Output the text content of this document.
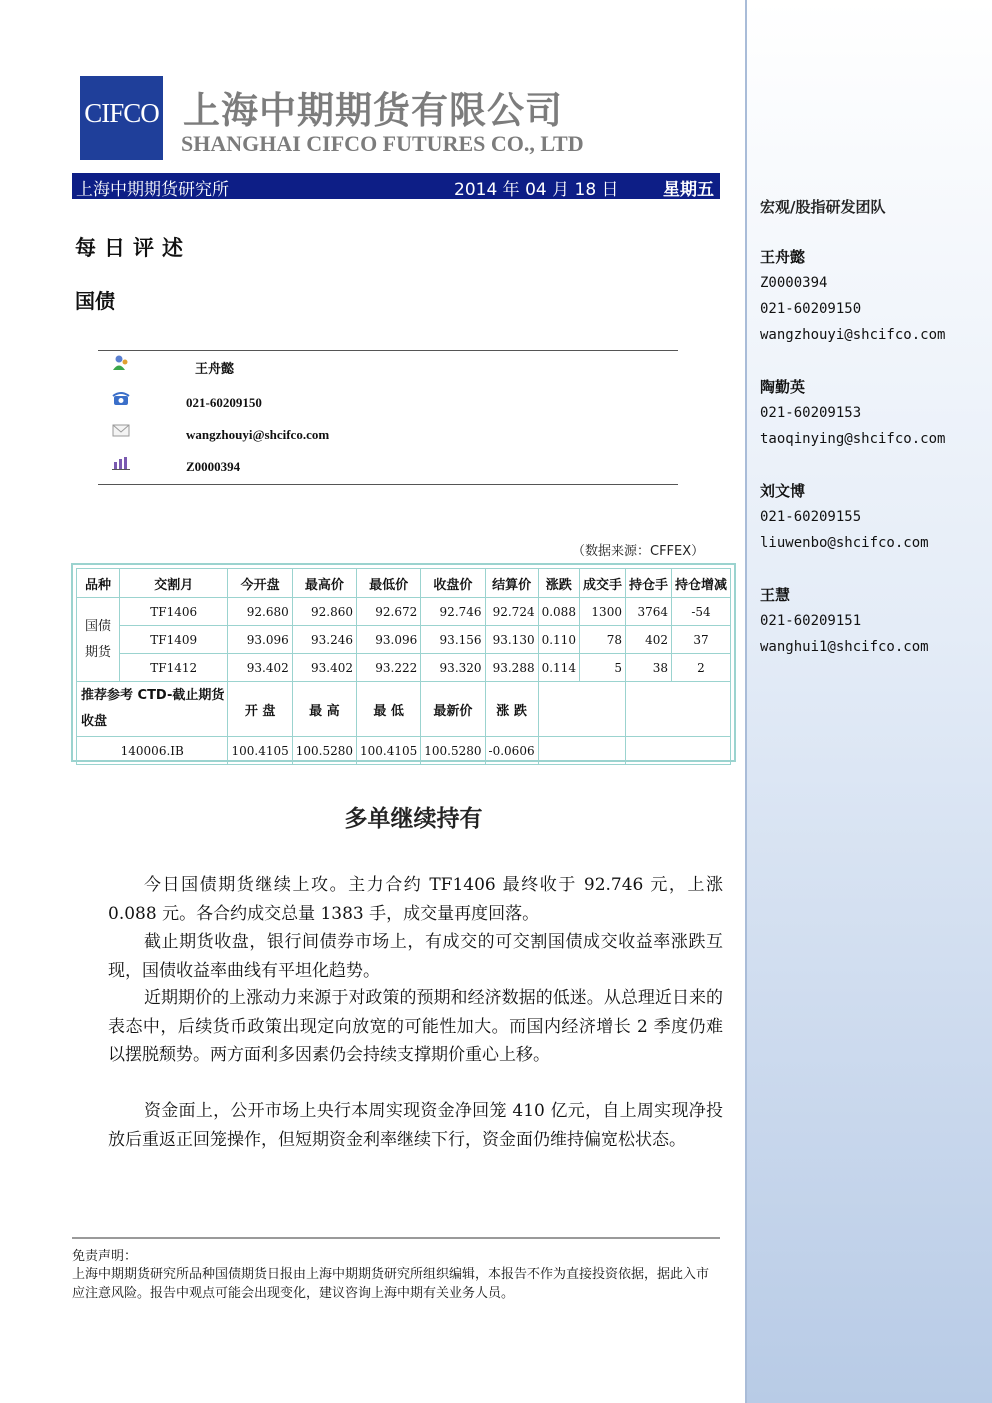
宏观/股指研发团队
王舟懿
Z0000394
021-60209150
wangzhouyi@shcifco.com
陶勤英
021-60209153
taoqinying@shcifco.com
刘文博
021-60209155
liuwenbo@shcifco.com
王慧
021-60209151
wanghui1@shcifco.com
CIFCO 上海中期期货有限公司
SHANGHAI CIFCO FUTURES CO., LTD
上海中期期货研究所	2014 年 04 月 18 日	星期五
每日评述
国债
王舟懿
021-60209150
wangzhouyi@shcifco.com
Z0000394
（数据来源：CFFEX）
品种	交割月	今开盘	最高价	最低价	收盘价	结算价	涨跌	成交手	持仓手	持仓增减
国债期货	TF1406	92.680	92.860	92.672	92.746	92.724	0.088	1300	3764	-54
	TF1409	93.096	93.246	93.096	93.156	93.130	0.110	78	402	37
	TF1412	93.402	93.402	93.222	93.320	93.288	0.114	5	38	2
推荐参考 CTD-截止期货收盘		开 盘	最 高	最 低	最新价	涨 跌				
140006.IB		100.4105	100.5280	100.4105	100.5280	-0.0606				
多单继续持有

今日国债期货继续上攻。主力合约 TF1406 最终收于 92.746 元，上涨 0.088 元。各合约成交总量 1383 手，成交量再度回落。

截止期货收盘，银行间债券市场上，有成交的可交割国债成交收益率涨跌互现，国债收益率曲线有平坦化趋势。

近期期价的上涨动力来源于对政策的预期和经济数据的低迷。从总理近日来的表态中，后续货币政策出现定向放宽的可能性加大。而国内经济增长 2 季度仍难以摆脱颓势。两方面利多因素仍会持续支撑期价重心上移。

资金面上，公开市场上央行本周实现资金净回笼 410 亿元，自上周实现净投放后重返正回笼操作，但短期资金利率继续下行，资金面仍维持偏宽松状态。

免责声明：
上海中期期货研究所品种国债期货日报由上海中期期货研究所组织编辑，本报告不作为直接投资依据，据此入市应注意风险。报告中观点可能会出现变化，建议咨询上海中期有关业务人员。
